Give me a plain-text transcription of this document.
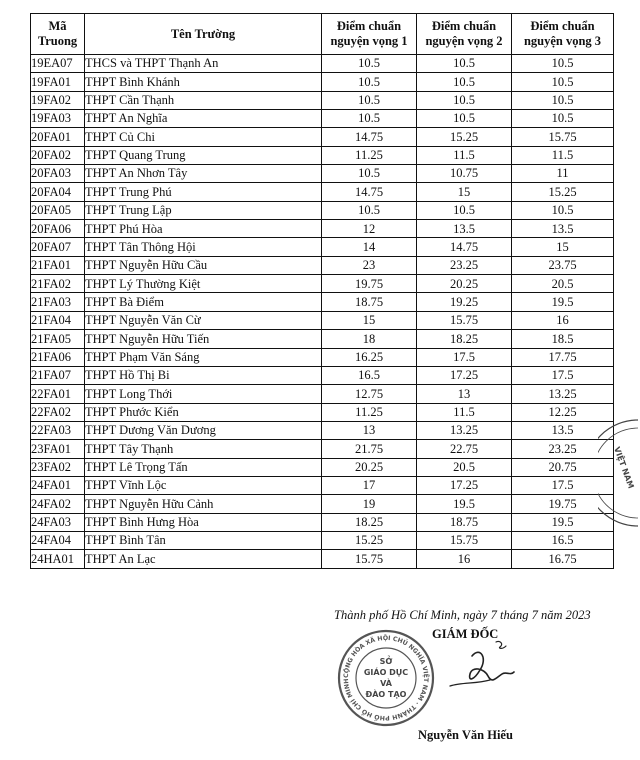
Mã Truong	Tên Trường	Điểm chuẩn nguyện vọng 1	Điểm chuẩn nguyện vọng 2	Điểm chuẩn nguyện vọng 3
19EA07	THCS và THPT Thạnh An	10.5	10.5	10.5
19FA01	THPT Bình Khánh	10.5	10.5	10.5
19FA02	THPT Cần Thạnh	10.5	10.5	10.5
19FA03	THPT An Nghĩa	10.5	10.5	10.5
20FA01	THPT Củ Chi	14.75	15.25	15.75
20FA02	THPT Quang Trung	11.25	11.5	11.5
20FA03	THPT An Nhơn Tây	10.5	10.75	11
20FA04	THPT Trung Phú	14.75	15	15.25
20FA05	THPT Trung Lập	10.5	10.5	10.5
20FA06	THPT Phú Hòa	12	13.5	13.5
20FA07	THPT Tân Thông Hội	14	14.75	15
21FA01	THPT Nguyễn Hữu Cầu	23	23.25	23.75
21FA02	THPT Lý Thường Kiệt	19.75	20.25	20.5
21FA03	THPT Bà Điểm	18.75	19.25	19.5
21FA04	THPT Nguyễn Văn Cừ	15	15.75	16
21FA05	THPT Nguyễn Hữu Tiến	18	18.25	18.5
21FA06	THPT Phạm Văn Sáng	16.25	17.5	17.75
21FA07	THPT Hồ Thị Bi	16.5	17.25	17.5
22FA01	THPT Long Thới	12.75	13	13.25
22FA02	THPT Phước Kiển	11.25	11.5	12.25
22FA03	THPT Dương Văn Dương	13	13.25	13.5
23FA01	THPT Tây Thạnh	21.75	22.75	23.25
23FA02	THPT Lê Trọng Tấn	20.25	20.5	20.75
24FA01	THPT Vĩnh Lộc	17	17.25	17.5
24FA02	THPT Nguyễn Hữu Cảnh	19	19.5	19.75
24FA03	THPT Bình Hưng Hòa	18.25	18.75	19.5
24FA04	THPT Bình Tân	15.25	15.75	16.5
24HA01	THPT An Lạc	15.75	16	16.75
VIỆT NAM
Thành phố Hồ Chí Minh, ngày 7 tháng 7 năm 2023
GIÁM ĐỐC
CỘNG HÒA XÃ HỘI CHỦ NGHĨA VIỆT NAM · THÀNH PHỐ HỒ CHÍ MINH
SỞ
GIÁO DỤC
VÀ
ĐÀO TẠO
Nguyễn Văn Hiếu
